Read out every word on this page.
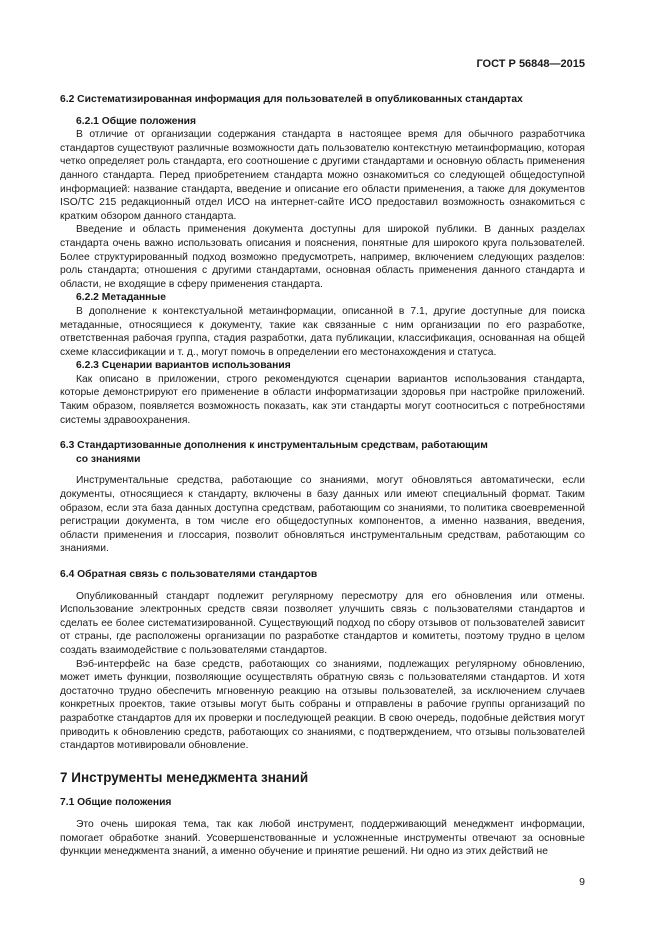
ГОСТ Р 56848—2015

6.2 Систематизированная информация для пользователей в опубликованных стандартах

6.2.1 Общие положения

В отличие от организации содержания стандарта в настоящее время для обычного разработчика стандартов существуют различные возможности дать пользователю контекстную метаинформацию, которая четко определяет роль стандарта, его соотношение с другими стандартами и основную область применения данного стандарта. Перед приобретением стандарта можно ознакомиться со следующей общедоступной информацией: название стандарта, введение и описание его области применения, а также для документов ISO/TC 215 редакционный отдел ИСО на интернет-сайте ИСО предоставил возможность ознакомиться с кратким обзором данного стандарта.

Введение и область применения документа доступны для широкой публики. В данных разделах стандарта очень важно использовать описания и пояснения, понятные для широкого круга пользователей. Более структурированный подход возможно предусмотреть, например, включением следующих разделов: роль стандарта; отношения с другими стандартами, основная область применения данного стандарта и области, не входящие в сферу применения стандарта.

6.2.2 Метаданные

В дополнение к контекстуальной метаинформации, описанной в 7.1, другие доступные для поиска метаданные, относящиеся к документу, такие как связанные с ним организации по его разработке, ответственная рабочая группа, стадия разработки, дата публикации, классификация, основанная на общей схеме классификации и т. д., могут помочь в определении его местонахождения и статуса.

6.2.3 Сценарии вариантов использования

Как описано в приложении, строго рекомендуются сценарии вариантов использования стандарта, которые демонстрируют его применение в области информатизации здоровья при настройке приложений. Таким образом, появляется возможность показать, как эти стандарты могут соотноситься с потребностями системы здравоохранения.

6.3 Стандартизованные дополнения к инструментальным средствам, работающим
со знаниями

Инструментальные средства, работающие со знаниями, могут обновляться автоматически, если документы, относящиеся к стандарту, включены в базу данных или имеют специальный формат. Таким образом, если эта база данных доступна средствам, работающим со знаниями, то политика своевременной регистрации документа, в том числе его общедоступных компонентов, а именно названия, введения, области применения и глоссария, позволит обновляться инструментальным средствам, работающим со знаниями.

6.4 Обратная связь с пользователями стандартов

Опубликованный стандарт подлежит регулярному пересмотру для его обновления или отмены. Использование электронных средств связи позволяет улучшить связь с пользователями стандартов и сделать ее более систематизированной. Существующий подход по сбору отзывов от пользователей зависит от страны, где расположены организации по разработке стандартов и комитеты, поэтому трудно в целом создать взаимодействие с пользователями стандартов.

Вэб-интерфейс на базе средств, работающих со знаниями, подлежащих регулярному обновлению, может иметь функции, позволяющие осуществлять обратную связь с пользователями стандартов. И хотя достаточно трудно обеспечить мгновенную реакцию на отзывы пользователей, за исключением случаев конкретных проектов, такие отзывы могут быть собраны и отправлены в рабочие группы организаций по разработке стандартов для их проверки и последующей реакции. В свою очередь, подобные действия могут приводить к обновлению средств, работающих со знаниями, с подтверждением, что отзывы пользователей стандартов мотивировали обновление.

7 Инструменты менеджмента знаний

7.1 Общие положения

Это очень широкая тема, так как любой инструмент, поддерживающий менеджмент информации, помогает обработке знаний. Усовершенствованные и усложненные инструменты отвечают за основные функции менеджмента знаний, а именно обучение и принятие решений. Ни одно из этих действий не

9
